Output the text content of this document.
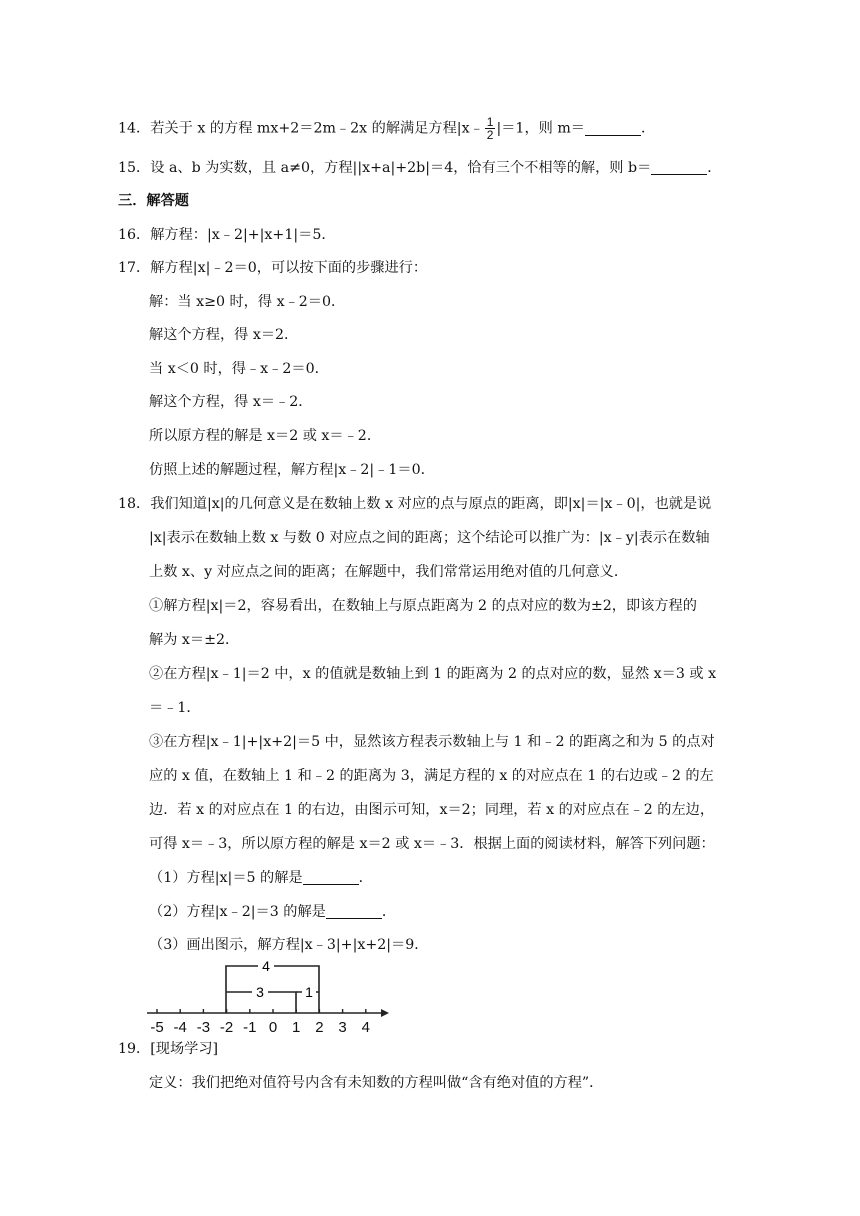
14．若关于 x 的方程 mx+2＝2m﹣2x 的解满足方程|x﹣ $\frac{1}{2} |=1$，则 m＝	．
15．设 a、b 为实数，且 a≠0，方程||x+a|+2b|＝4，恰有三个不相等的解，则 b＝	．
三．解答题
16．解方程：|x﹣2|+|x+1|＝5．
17．解方程|x|﹣2＝0，可以按下面的步骤进行：
解：当 x≥0 时，得 x﹣2＝0．
解这个方程，得 x＝2．
当 x＜0 时，得﹣x﹣2＝0．
解这个方程，得 x＝﹣2．
所以原方程的解是 x＝2 或 x＝﹣2．
仿照上述的解题过程，解方程|x﹣2|﹣1＝0．
18．我们知道|x|的几何意义是在数轴上数 x 对应的点与原点的距离，即|x|＝|x﹣0|，也就是说
|x|表示在数轴上数 x 与数 0 对应点之间的距离；这个结论可以推广为：|x﹣y|表示在数轴
上数 x、y 对应点之间的距离；在解题中，我们常常运用绝对值的几何意义．
①解方程|x|＝2，容易看出，在数轴上与原点距离为 2 的点对应的数为±2，即该方程的
解为 x＝±2．
②在方程|x﹣1|＝2 中，x 的值就是数轴上到 1 的距离为 2 的点对应的数，显然 x＝3 或 x
＝﹣1．
③在方程|x﹣1|+|x+2|＝5 中，显然该方程表示数轴上与 1 和﹣2 的距离之和为 5 的点对
应的 x 值，在数轴上 1 和﹣2 的距离为 3，满足方程的 x 的对应点在 1 的右边或﹣2 的左
边．若 x 的对应点在 1 的右边，由图示可知，x＝2；同理，若 x 的对应点在﹣2 的左边，
可得 x＝﹣3，所以原方程的解是 x＝2 或 x＝﹣3．根据上面的阅读材料，解答下列问题：
（1）方程|x|＝5 的解是	．
（2）方程|x﹣2|＝3 的解是	．
（3）画出图示，解方程|x﹣3|+|x+2|＝9．
-5 -4 -3 -2 -1 0 1 2 3 4
4
3	1
19．[现场学习]
定义：我们把绝对值符号内含有未知数的方程叫做“含有绝对值的方程”．
